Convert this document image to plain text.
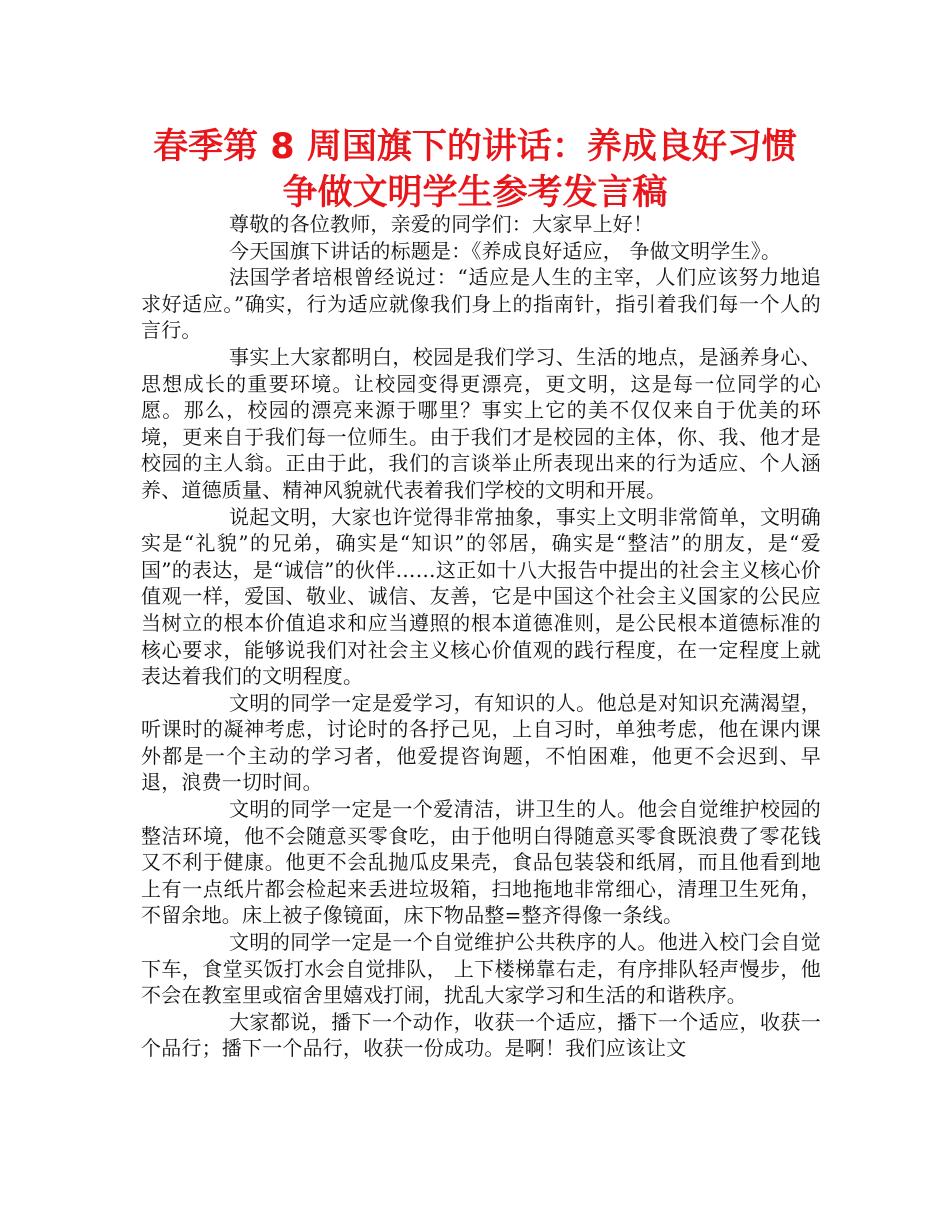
春季第 8 周国旗下的讲话：养成良好习惯
争做文明学生参考发言稿

尊敬的各位教师，亲爱的同学们：大家早上好！

今天国旗下讲话的标题是：《养成良好适应， 争做文明学生》。

法国学者培根曾经说过：“适应是人生的主宰，人们应该努力地追求好适应。”确实，行为适应就像我们身上的指南针，指引着我们每一个人的言行。

事实上大家都明白，校园是我们学习、生活的地点，是涵养身心、思想成长的重要环境。让校园变得更漂亮，更文明，这是每一位同学的心愿。那么，校园的漂亮来源于哪里？事实上它的美不仅仅来自于优美的环境，更来自于我们每一位师生。由于我们才是校园的主体，你、我、他才是校园的主人翁。正由于此，我们的言谈举止所表现出来的行为适应、个人涵养、道德质量、精神风貌就代表着我们学校的文明和开展。

说起文明，大家也许觉得非常抽象，事实上文明非常简单，文明确实是“礼貌”的兄弟，确实是“知识”的邻居，确实是“整洁”的朋友，是“爱国”的表达，是“诚信”的伙伴……这正如十八大报告中提出的社会主义核心价值观一样，爱国、敬业、诚信、友善，它是中国这个社会主义国家的公民应当树立的根本价值追求和应当遵照的根本道德准则，是公民根本道德标准的核心要求，能够说我们对社会主义核心价值观的践行程度，在一定程度上就表达着我们的文明程度。

文明的同学一定是爱学习，有知识的人。他总是对知识充满渴望， 听课时的凝神考虑，讨论时的各抒己见，上自习时，单独考虑，他在课内课外都是一个主动的学习者，他爱提咨询题，不怕困难，他更不会迟到、早退，浪费一切时间。

文明的同学一定是一个爱清洁，讲卫生的人。他会自觉维护校园的整洁环境，他不会随意买零食吃，由于他明白得随意买零食既浪费了零花钱又不利于健康。他更不会乱抛瓜皮果壳，食品包装袋和纸屑，而且他看到地上有一点纸片都会检起来丢进垃圾箱，扫地拖地非常细心，清理卫生死角，不留余地。床上被子像镜面，床下物品整=整齐得像一条线。

文明的同学一定是一个自觉维护公共秩序的人。他进入校门会自觉下车，食堂买饭打水会自觉排队， 上下楼梯靠右走，有序排队轻声慢步，他不会在教室里或宿舍里嬉戏打闹，扰乱大家学习和生活的和谐秩序。

大家都说，播下一个动作，收获一个适应，播下一个适应，收获一个品行；播下一个品行，收获一份成功。是啊！我们应该让文
